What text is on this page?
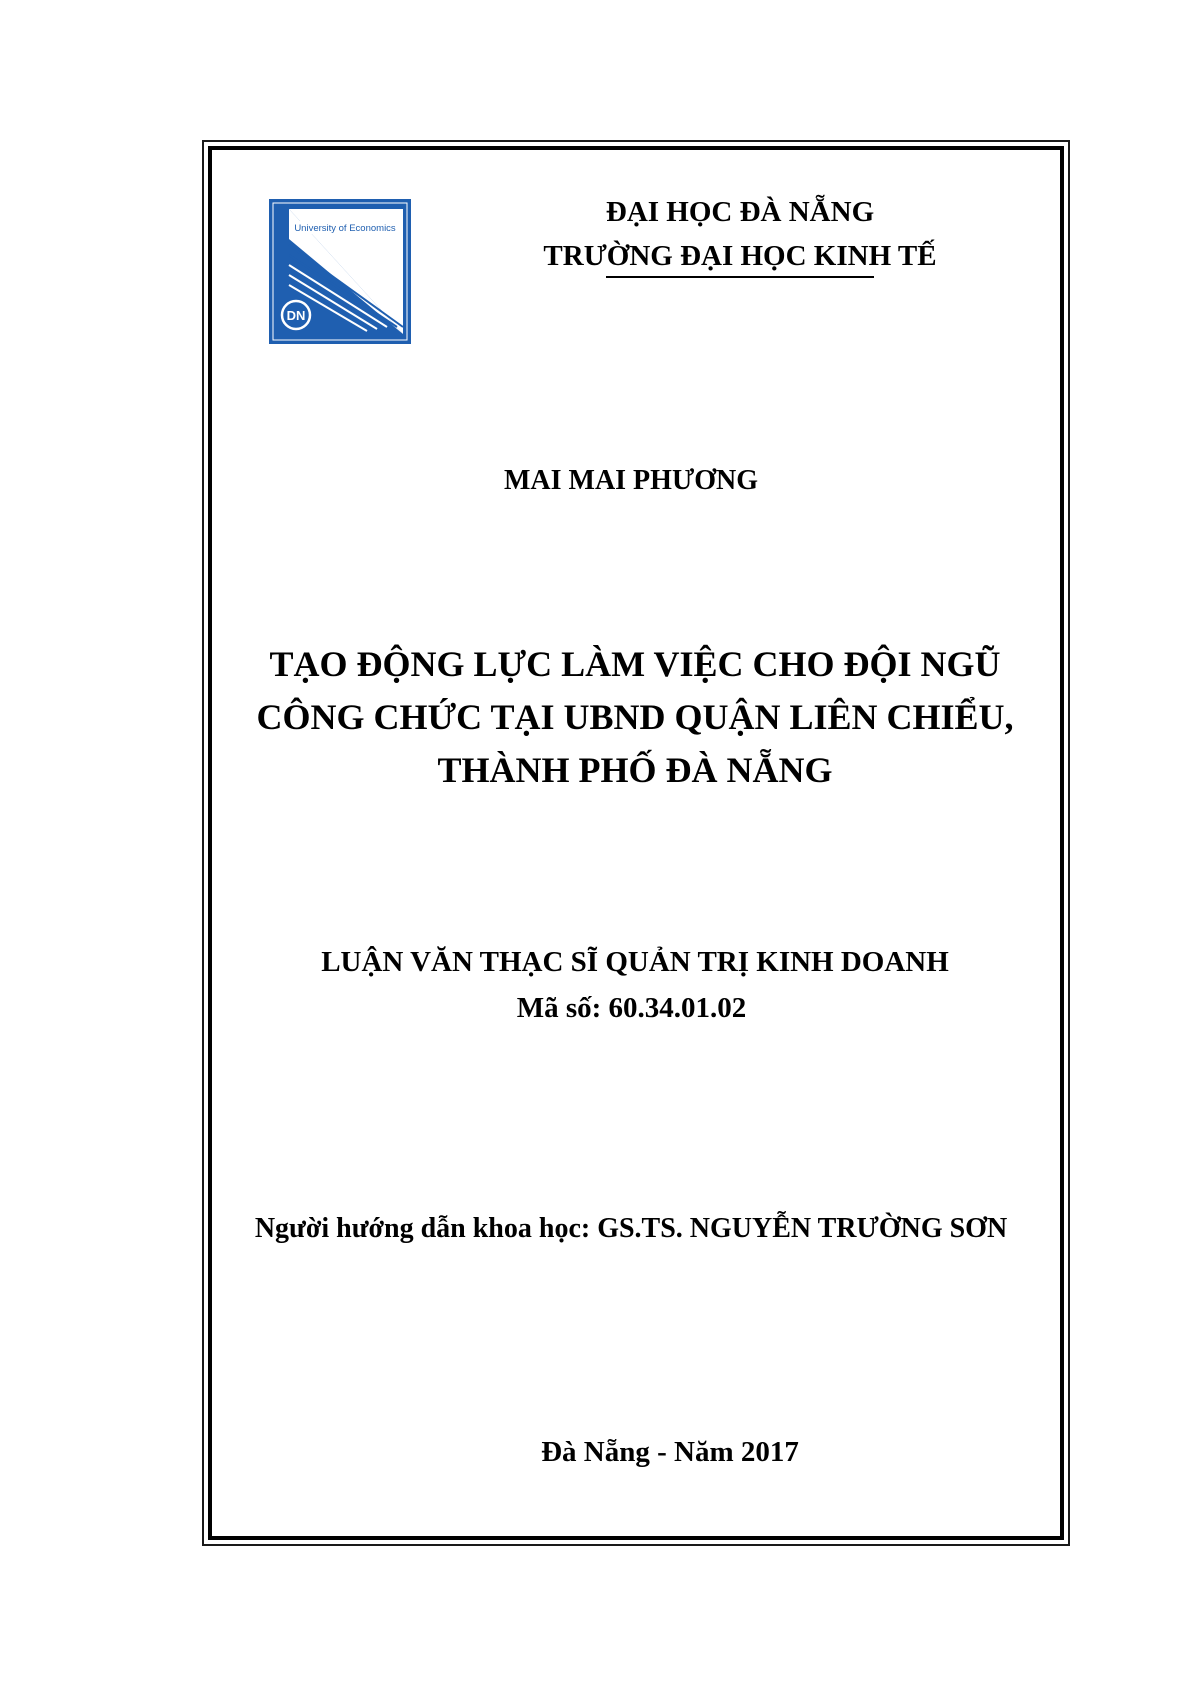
University of Economics
DN
ĐẠI HỌC ĐÀ NẴNG
TRƯỜNG ĐẠI HỌC KINH TẾ
MAI MAI PHƯƠNG
TẠO ĐỘNG LỰC LÀM VIỆC CHO ĐỘI NGŨ
CÔNG CHỨC TẠI UBND QUẬN LIÊN CHIỂU,
THÀNH PHỐ ĐÀ NẴNG
LUẬN VĂN THẠC SĨ QUẢN TRỊ KINH DOANH
Mã số: 60.34.01.02
Người hướng dẫn khoa học: GS.TS. NGUYỄN TRƯỜNG SƠN
Đà Nẵng - Năm 2017
